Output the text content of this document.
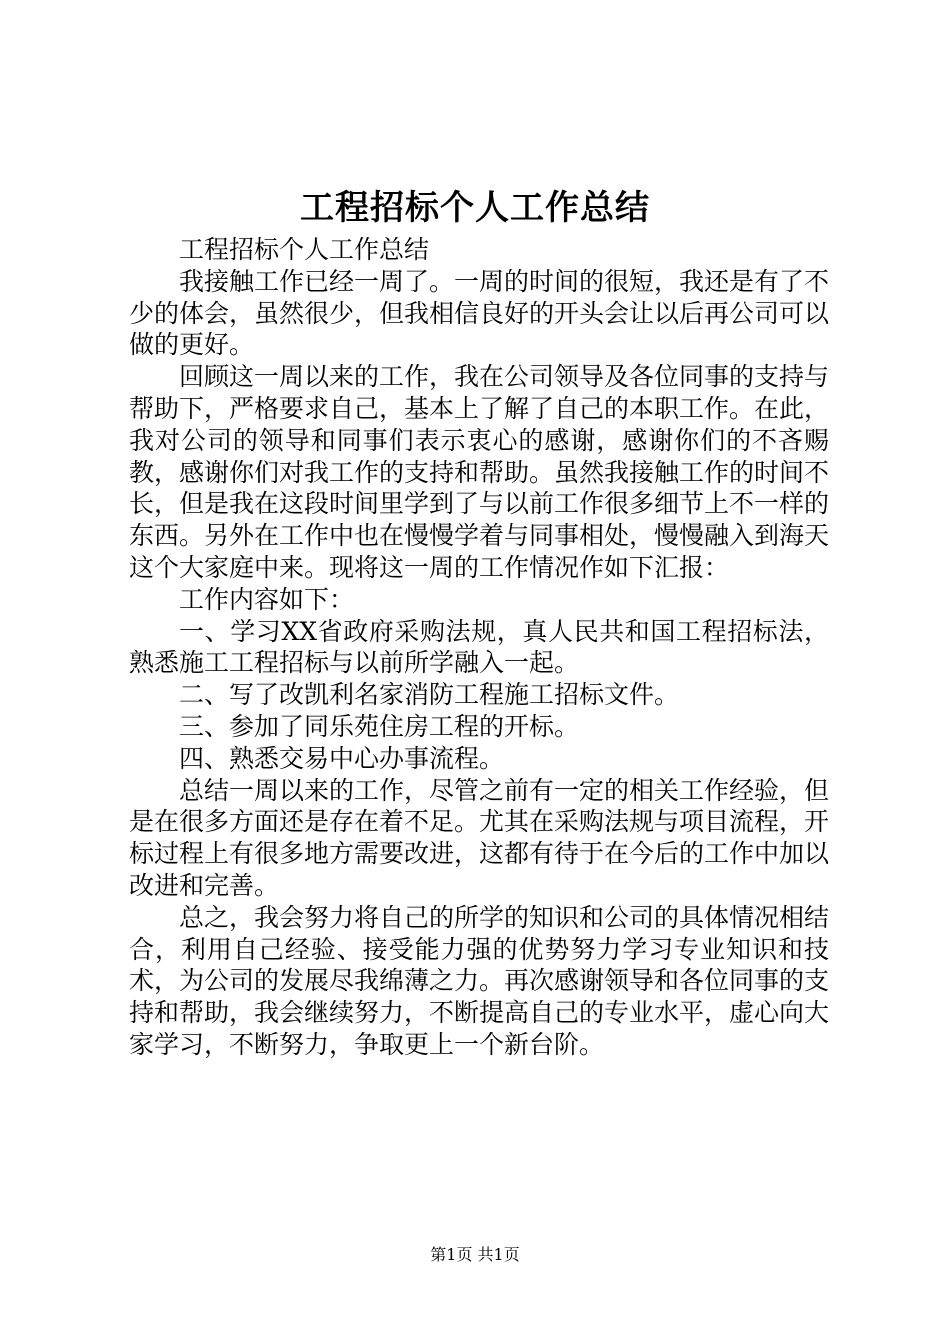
工程招标个人工作总结

工程招标个人工作总结

我接触工作已经一周了。一周的时间的很短，我还是有了不少的体会，虽然很少，但我相信良好的开头会让以后再公司可以做的更好。

回顾这一周以来的工作，我在公司领导及各位同事的支持与帮助下，严格要求自己，基本上了解了自己的本职工作。在此，我对公司的领导和同事们表示衷心的感谢，感谢你们的不吝赐教，感谢你们对我工作的支持和帮助。虽然我接触工作的时间不长，但是我在这段时间里学到了与以前工作很多细节上不一样的东西。另外在工作中也在慢慢学着与同事相处，慢慢融入到海天这个大家庭中来。现将这一周的工作情况作如下汇报：

工作内容如下：

一、学习XX省政府采购法规，真人民共和国工程招标法，熟悉施工工程招标与以前所学融入一起。

二、写了改凯利名家消防工程施工招标文件。

三、参加了同乐苑住房工程的开标。

四、熟悉交易中心办事流程。

总结一周以来的工作，尽管之前有一定的相关工作经验，但是在很多方面还是存在着不足。尤其在采购法规与项目流程，开标过程上有很多地方需要改进，这都有待于在今后的工作中加以改进和完善。

总之，我会努力将自己的所学的知识和公司的具体情况相结合，利用自己经验、接受能力强的优势努力学习专业知识和技术，为公司的发展尽我绵薄之力。再次感谢领导和各位同事的支持和帮助，我会继续努力，不断提高自己的专业水平，虚心向大家学习，不断努力，争取更上一个新台阶。

第1页 共1页
